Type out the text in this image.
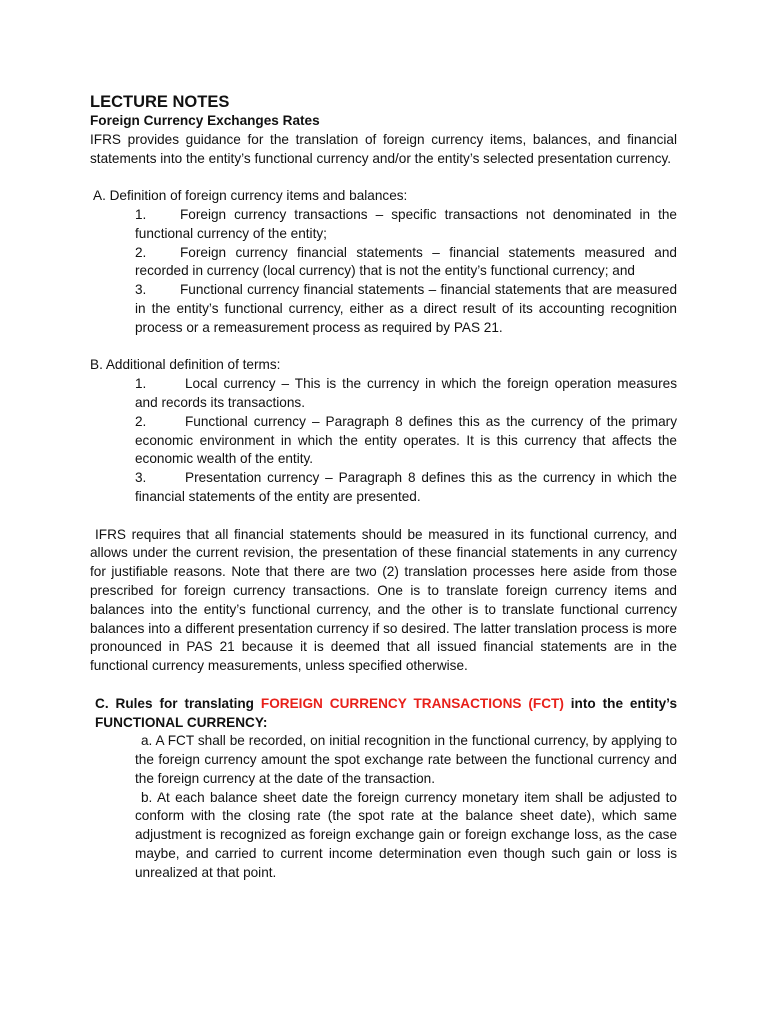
LECTURE NOTES

Foreign Currency Exchanges Rates

IFRS provides guidance for the translation of foreign currency items, balances, and financial statements into the entity’s functional currency and/or the entity’s selected presentation currency.

A. Definition of foreign currency items and balances:

1. Foreign currency transactions – specific transactions not denominated in the functional currency of the entity;
2. Foreign currency financial statements – financial statements measured and recorded in currency (local currency) that is not the entity’s functional currency; and
3. Functional currency financial statements – financial statements that are measured in the entity’s functional currency, either as a direct result of its accounting recognition process or a remeasurement process as required by PAS 21.

B. Additional definition of terms:

1.	Local currency – This is the currency in which the foreign operation measures and records its transactions.
2.	Functional currency – Paragraph 8 defines this as the currency of the primary economic environment in which the entity operates. It is this currency that affects the economic wealth of the entity.
3.	Presentation currency – Paragraph 8 defines this as the currency in which the financial statements of the entity are presented.

IFRS requires that all financial statements should be measured in its functional currency, and allows under the current revision, the presentation of these financial statements in any currency for justifiable reasons. Note that there are two (2) translation processes here aside from those prescribed for foreign currency transactions. One is to translate foreign currency items and balances into the entity’s functional currency, and the other is to translate functional currency balances into a different presentation currency if so desired. The latter translation process is more pronounced in PAS 21 because it is deemed that all issued financial statements are in the functional currency measurements, unless specified otherwise.

C. Rules for translating FOREIGN CURRENCY TRANSACTIONS (FCT) into the entity’s FUNCTIONAL CURRENCY:

a. A FCT shall be recorded, on initial recognition in the functional currency, by applying to the foreign currency amount the spot exchange rate between the functional currency and the foreign currency at the date of the transaction.
b. At each balance sheet date the foreign currency monetary item shall be adjusted to conform with the closing rate (the spot rate at the balance sheet date), which same adjustment is recognized as foreign exchange gain or foreign exchange loss, as the case maybe, and carried to current income determination even though such gain or loss is unrealized at that point.
